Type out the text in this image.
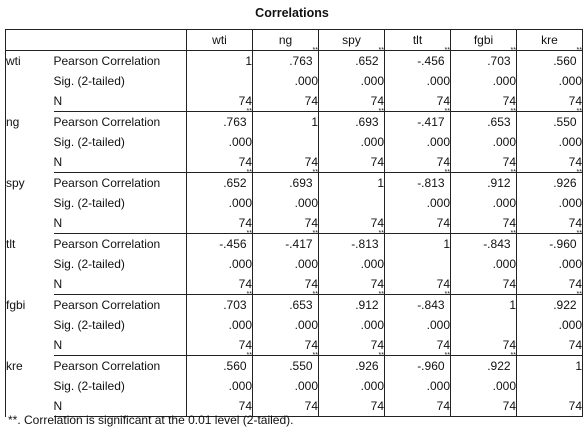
Correlations
		wti	ng	spy	tlt	fgbi	kre
wti	Pearson Correlation	1	.763**	.652**	-.456**	.703**	.560**
	Sig. (2-tailed)		.000	.000	.000	.000	.000
	N	74	74	74	74	74	74
ng	Pearson Correlation	.763**	1	.693**	-.417**	.653**	.550**
	Sig. (2-tailed)	.000		.000	.000	.000	.000
	N	74	74	74	74	74	74
spy	Pearson Correlation	.652**	.693**	1	-.813**	.912**	.926**
	Sig. (2-tailed)	.000	.000		.000	.000	.000
	N	74	74	74	74	74	74
tlt	Pearson Correlation	-.456**	-.417**	-.813**	1	-.843**	-.960**
	Sig. (2-tailed)	.000	.000	.000		.000	.000
	N	74	74	74	74	74	74
fgbi	Pearson Correlation	.703**	.653**	.912**	-.843**	1	.922**
	Sig. (2-tailed)	.000	.000	.000	.000		.000
	N	74	74	74	74	74	74
kre	Pearson Correlation	.560**	.550**	.926**	-.960**	.922**	1
	Sig. (2-tailed)	.000	.000	.000	.000	.000	
	N	74	74	74	74	74	74
**. Correlation is significant at the 0.01 level (2-tailed).
